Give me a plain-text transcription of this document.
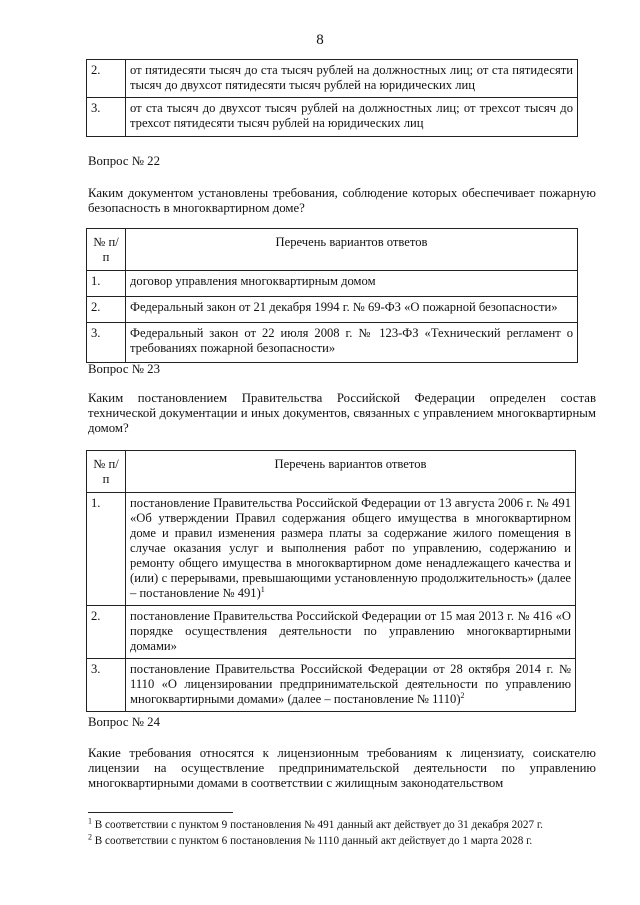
8
2.	от пятидесяти тысяч до ста тысяч рублей на должностных лиц; от ста пятидесяти тысяч до двухсот пятидесяти тысяч рублей на юридических лиц
3.	от ста тысяч до двухсот тысяч рублей на должностных лиц; от трехсот тысяч до трехсот пятидесяти тысяч рублей на юридических лиц
Вопрос № 22
Каким документом установлены требования, соблюдение которых обеспечивает пожарную безопасность в многоквартирном доме?
№ п/п	Перечень вариантов ответов
1.	договор управления многоквартирным домом
2.	Федеральный закон от 21 декабря 1994 г. № 69-ФЗ «О пожарной безопасности»
3.	Федеральный закон от 22 июля 2008 г. № 123-ФЗ «Технический регламент о требованиях пожарной безопасности»
Вопрос № 23
Каким постановлением Правительства Российской Федерации определен состав технической документации и иных документов, связанных с управлением многоквартирным домом?
№ п/п	Перечень вариантов ответов
1.	постановление Правительства Российской Федерации от 13 августа 2006 г. № 491 «Об утверждении Правил содержания общего имущества в многоквартирном доме и правил изменения размера платы за содержание жилого помещения в случае оказания услуг и выполнения работ по управлению, содержанию и ремонту общего имущества в многоквартирном доме ненадлежащего качества и (или) с перерывами, превышающими установленную продолжительность» (далее – постановление № 491)$^1$
2.	постановление Правительства Российской Федерации от 15 мая 2013 г. № 416 «О порядке осуществления деятельности по управлению многоквартирными домами»
3.	постановление Правительства Российской Федерации от 28 октября 2014 г. № 1110 «О лицензировании предпринимательской деятельности по управлению многоквартирными домами» (далее – постановление № 1110)$^2$
Вопрос № 24
Какие требования относятся к лицензионным требованиям к лицензиату, соискателю лицензии на осуществление предпринимательской деятельности по управлению многоквартирными домами в соответствии с жилищным законодательством
$^1$ В соответствии с пунктом 9 постановления № 491 данный акт действует до 31 декабря 2027 г.
$^2$ В соответствии с пунктом 6 постановления № 1110 данный акт действует до 1 марта 2028 г.
